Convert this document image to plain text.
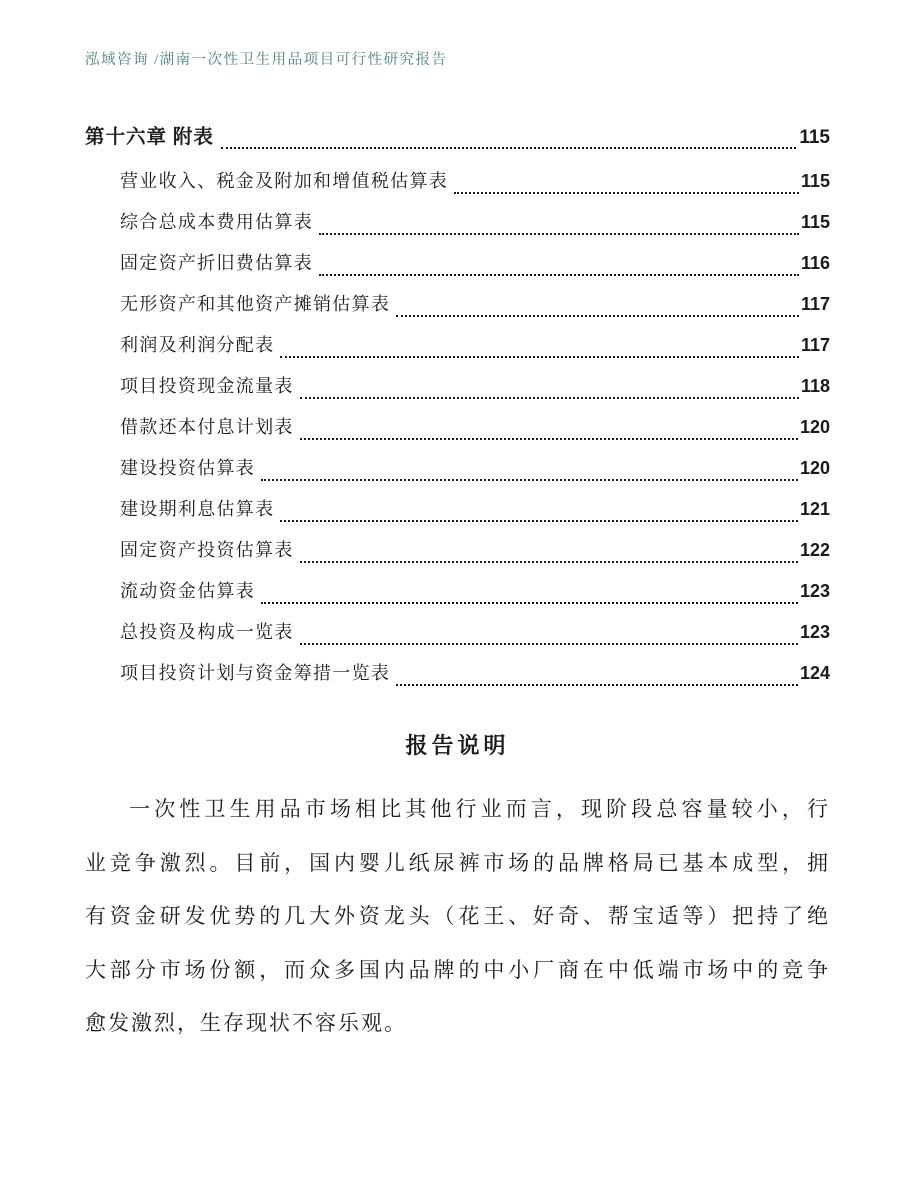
泓域咨询 /湖南一次性卫生用品项目可行性研究报告
第十六章 附表	115
营业收入、税金及附加和增值税估算表	115
综合总成本费用估算表	115
固定资产折旧费估算表	116
无形资产和其他资产摊销估算表	117
利润及利润分配表	117
项目投资现金流量表	118
借款还本付息计划表	120
建设投资估算表	120
建设期利息估算表	121
固定资产投资估算表	122
流动资金估算表	123
总投资及构成一览表	123
项目投资计划与资金筹措一览表	124
报告说明
一次性卫生用品市场相比其他行业而言，现阶段总容量较小，行
业竞争激烈。目前，国内婴儿纸尿裤市场的品牌格局已基本成型，拥
有资金研发优势的几大外资龙头（花王、好奇、帮宝适等）把持了绝
大部分市场份额，而众多国内品牌的中小厂商在中低端市场中的竞争
愈发激烈，生存现状不容乐观。
